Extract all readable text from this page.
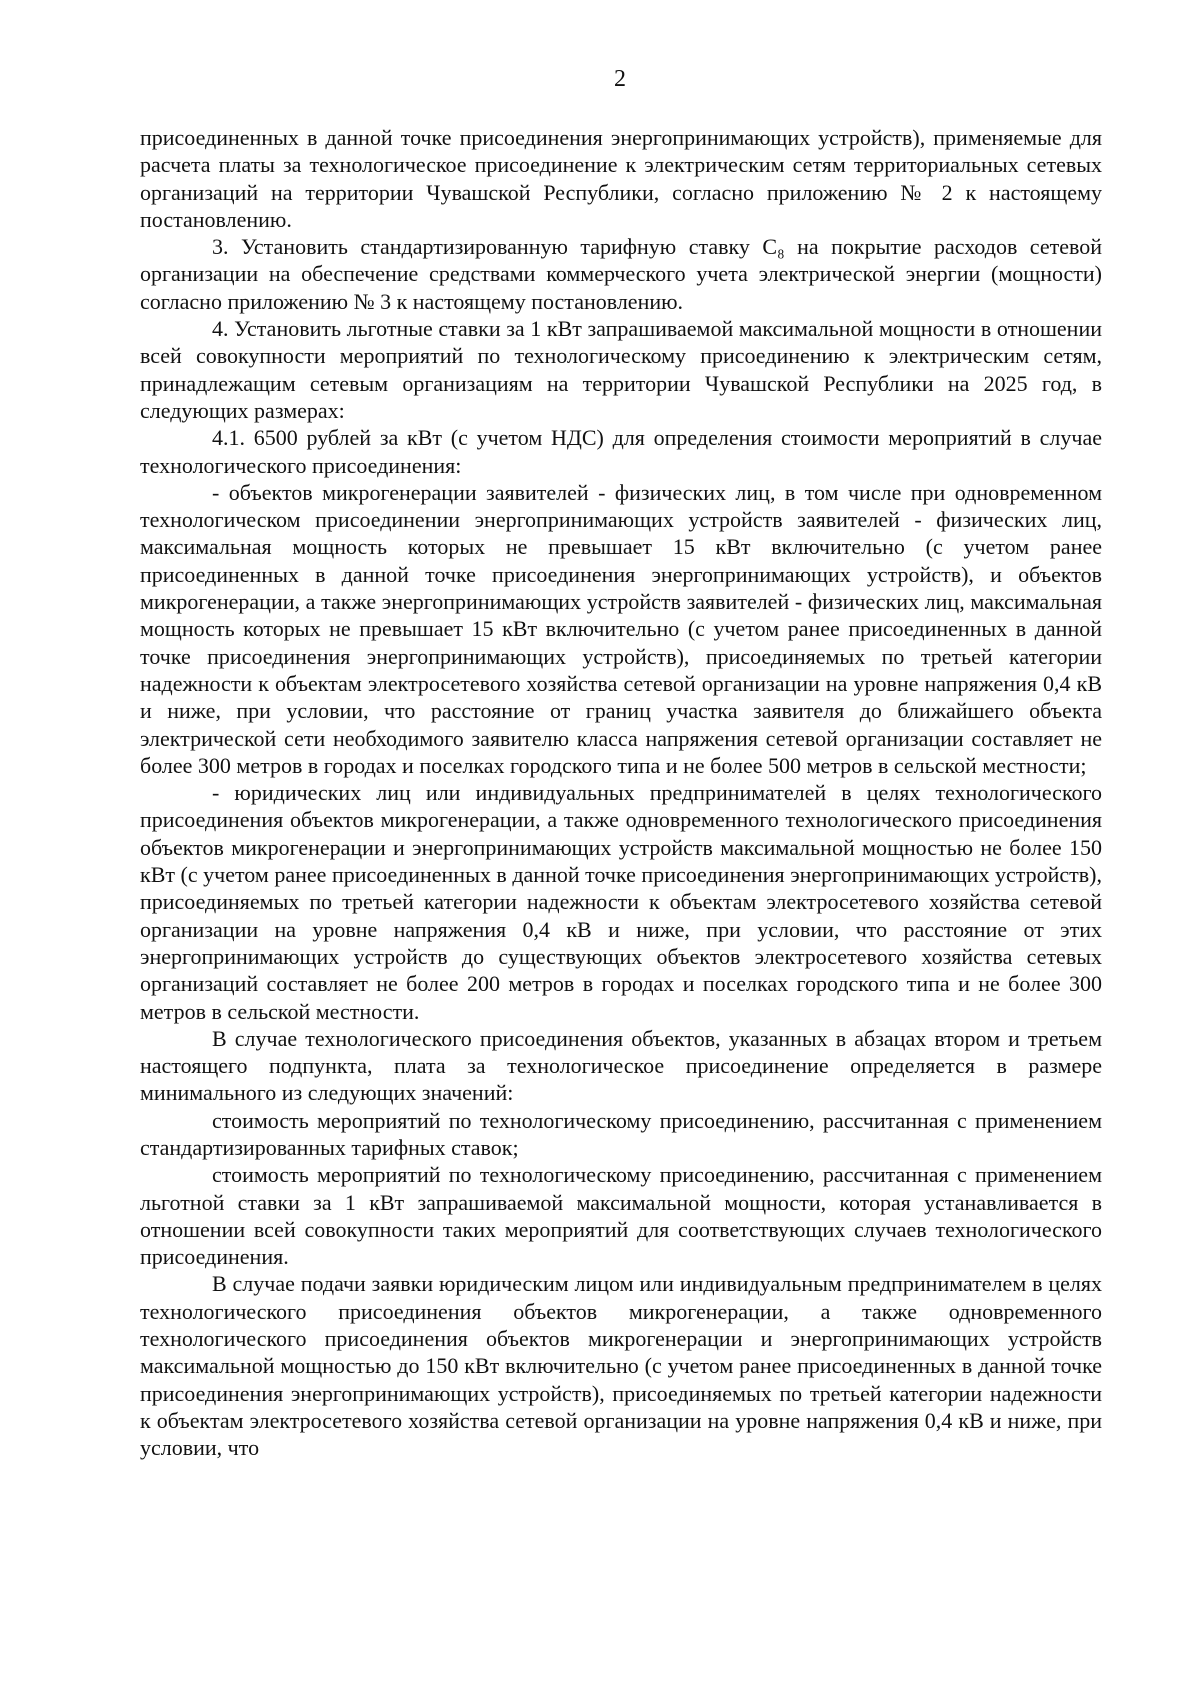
2

присоединенных в данной точке присоединения энергопринимающих устройств), применяемые для расчета платы за технологическое присоединение к электрическим сетям территориальных сетевых организаций на территории Чувашской Республики, согласно приложению № 2 к настоящему постановлению.

3. Установить стандартизированную тарифную ставку С₈ на покрытие расходов сетевой организации на обеспечение средствами коммерческого учета электрической энергии (мощности) согласно приложению № 3 к настоящему постановлению.

4. Установить льготные ставки за 1 кВт запрашиваемой максимальной мощности в отношении всей совокупности мероприятий по технологическому присоединению к электрическим сетям, принадлежащим сетевым организациям на территории Чувашской Республики на 2025 год, в следующих размерах:

4.1. 6500 рублей за кВт (с учетом НДС) для определения стоимости мероприятий в случае технологического присоединения:

- объектов микрогенерации заявителей - физических лиц, в том числе при одновременном технологическом присоединении энергопринимающих устройств заявителей - физических лиц, максимальная мощность которых не превышает 15 кВт включительно (с учетом ранее присоединенных в данной точке присоединения энергопринимающих устройств), и объектов микрогенерации, а также энергопринимающих устройств заявителей - физических лиц, максимальная мощность которых не превышает 15 кВт включительно (с учетом ранее присоединенных в данной точке присоединения энергопринимающих устройств), присоединяемых по третьей категории надежности к объектам электросетевого хозяйства сетевой организации на уровне напряжения 0,4 кВ и ниже, при условии, что расстояние от границ участка заявителя до ближайшего объекта электрической сети необходимого заявителю класса напряжения сетевой организации составляет не более 300 метров в городах и поселках городского типа и не более 500 метров в сельской местности;

- юридических лиц или индивидуальных предпринимателей в целях технологического присоединения объектов микрогенерации, а также одновременного технологического присоединения объектов микрогенерации и энергопринимающих устройств максимальной мощностью не более 150 кВт (с учетом ранее присоединенных в данной точке присоединения энергопринимающих устройств), присоединяемых по третьей категории надежности к объектам электросетевого хозяйства сетевой организации на уровне напряжения 0,4 кВ и ниже, при условии, что расстояние от этих энергопринимающих устройств до существующих объектов электросетевого хозяйства сетевых организаций составляет не более 200 метров в городах и поселках городского типа и не более 300 метров в сельской местности.

В случае технологического присоединения объектов, указанных в абзацах втором и третьем настоящего подпункта, плата за технологическое присоединение определяется в размере минимального из следующих значений:

стоимость мероприятий по технологическому присоединению, рассчитанная с применением стандартизированных тарифных ставок;

стоимость мероприятий по технологическому присоединению, рассчитанная с применением льготной ставки за 1 кВт запрашиваемой максимальной мощности, которая устанавливается в отношении всей совокупности таких мероприятий для соответствующих случаев технологического присоединения.

В случае подачи заявки юридическим лицом или индивидуальным предпринимателем в целях технологического присоединения объектов микрогенерации, а также одновременного технологического присоединения объектов микрогенерации и энергопринимающих устройств максимальной мощностью до 150 кВт включительно (с учетом ранее присоединенных в данной точке присоединения энергопринимающих устройств), присоединяемых по третьей категории надежности к объектам электросетевого хозяйства сетевой организации на уровне напряжения 0,4 кВ и ниже, при условии, что
